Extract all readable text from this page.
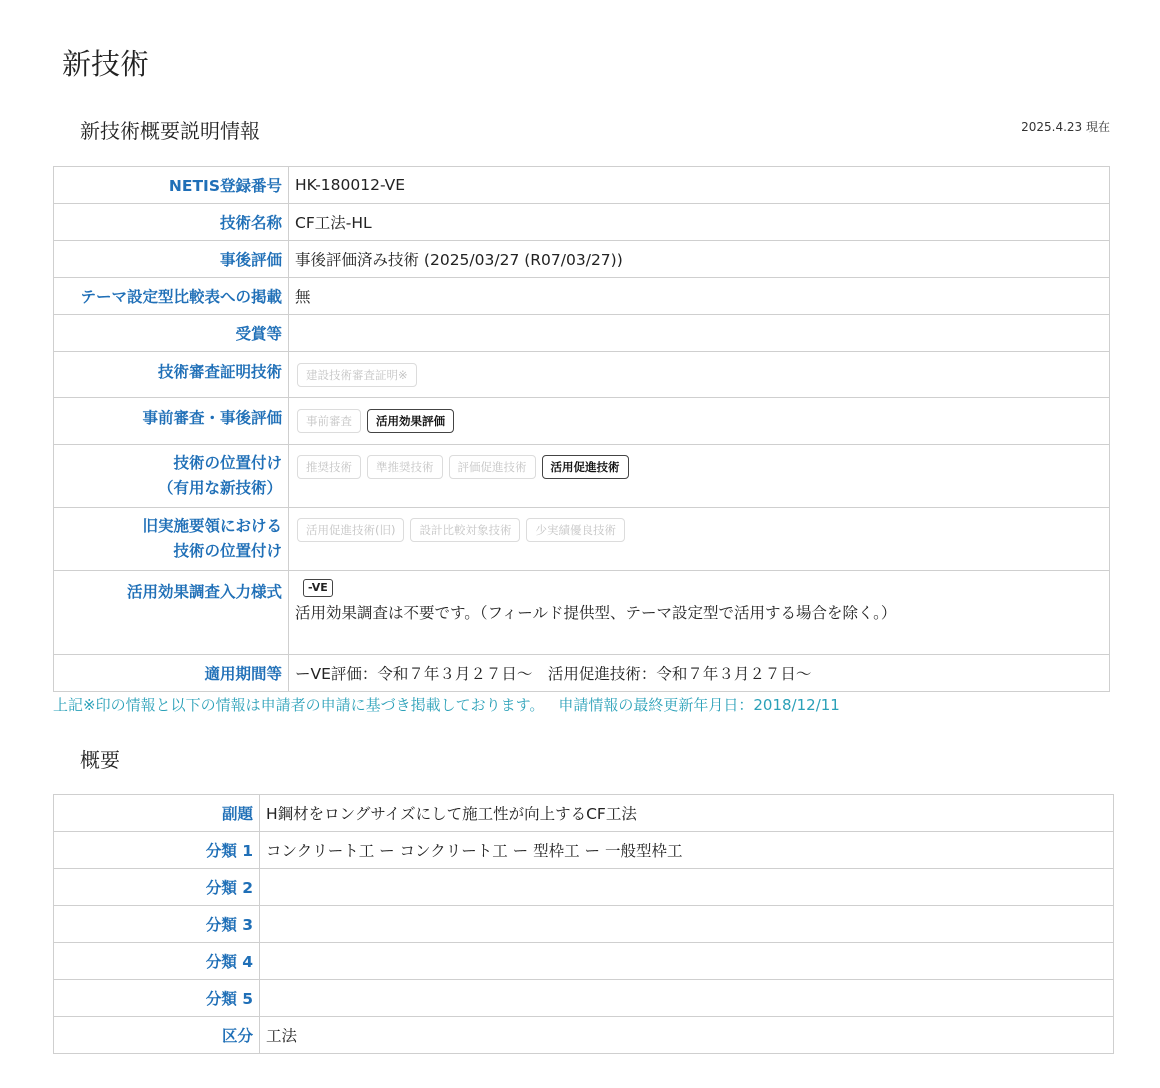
新技術
新技術概要説明情報	2025.4.23 現在
NETIS登録番号	HK-180012-VE
技術名称	CF工法-HL
事後評価	事後評価済み技術 (2025/03/27 (R07/03/27))
テーマ設定型比較表への掲載	無
受賞等	
技術審査証明技術	建設技術審査証明※
事前審査・事後評価	事前審査 活用効果評価

技術の位置付け
（有用な新技術）	推奨技術 準推奨技術 評価促進技術 活用促進技術

旧実施要領における
技術の位置付け	活用促進技術(旧) 設計比較対象技術 少実績優良技術
活用効果調査入力様式	-VE
活用効果調査は不要です。（フィールド提供型、テーマ設定型で活用する場合を除く。）

適用期間等	ーVE評価：令和７年３月２７日～　活用促進技術：令和７年３月２７日～
上記※印の情報と以下の情報は申請者の申請に基づき掲載しております。 申請情報の最終更新年月日：2018/12/11
概要
副題	H鋼材をロングサイズにして施工性が向上するCF工法
分類 1	コンクリート工 ー コンクリート工 ー 型枠工 ー 一般型枠工
分類 2	
分類 3	
分類 4	
分類 5	
区分	工法
